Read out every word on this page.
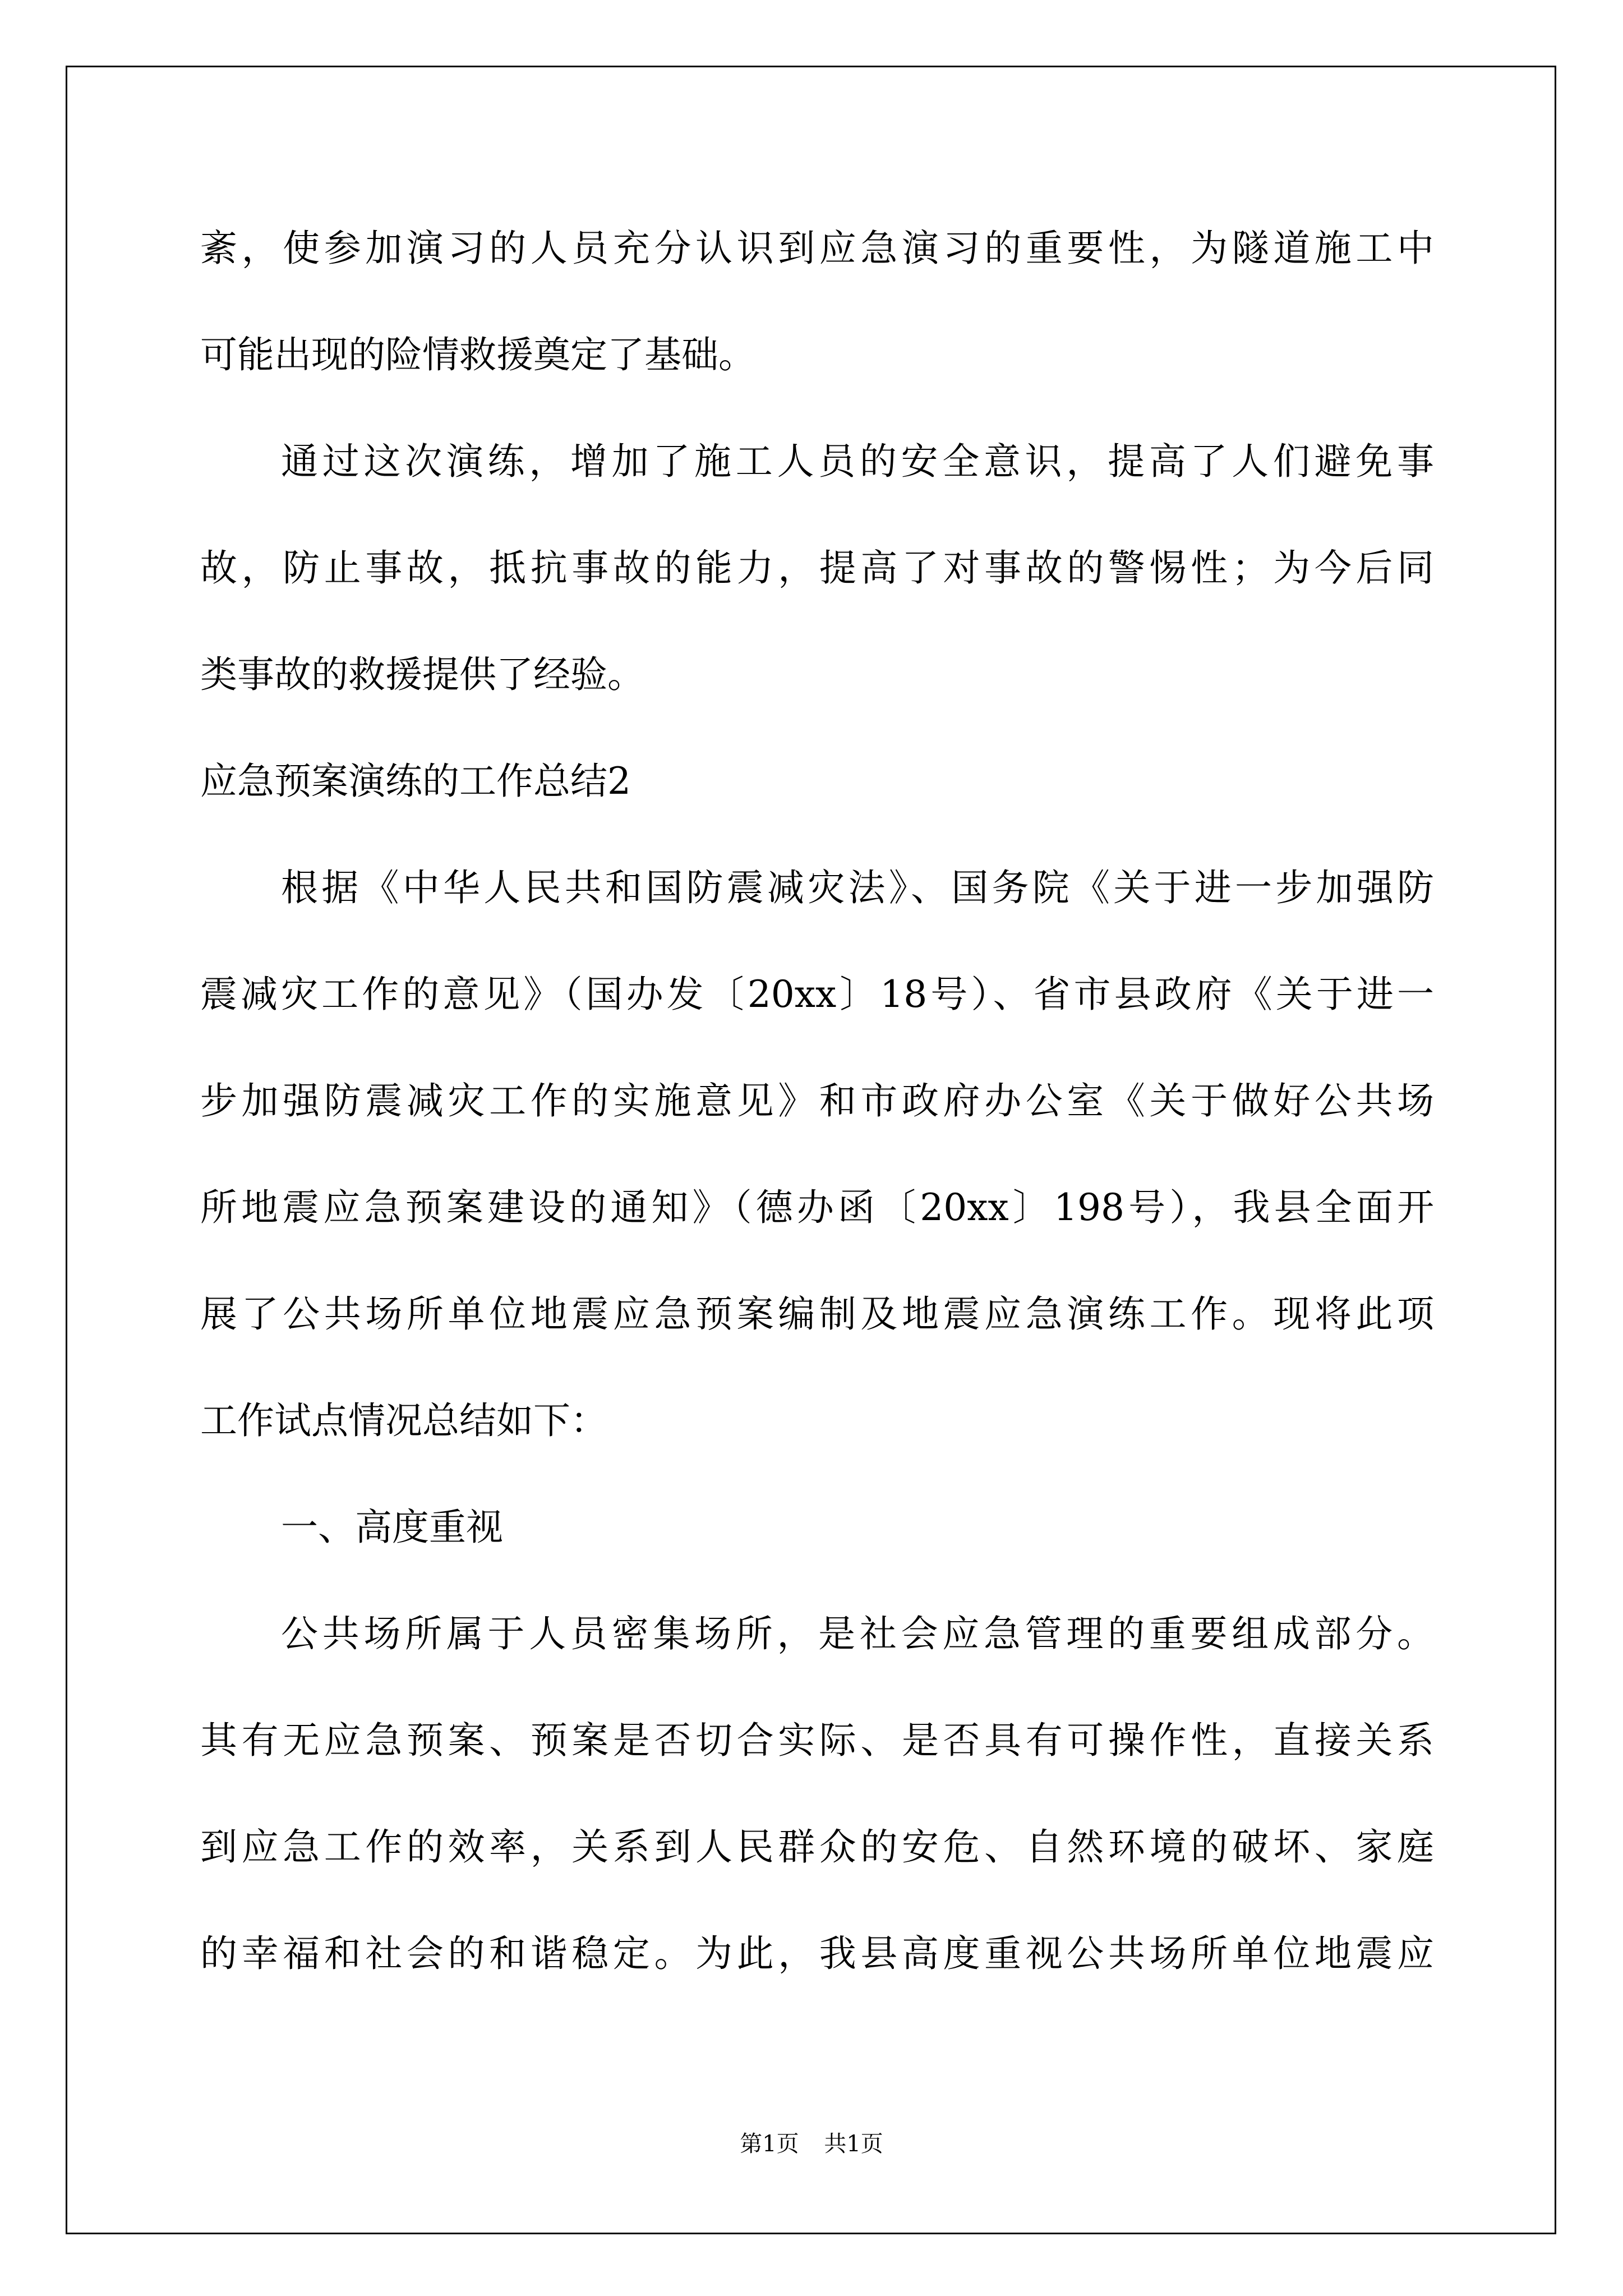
紊，使参加演习的人员充分认识到应急演习的重要性，为隧道施工中
可能出现的险情救援奠定了基础。
通过这次演练，增加了施工人员的安全意识，提高了人们避免事
故，防止事故，抵抗事故的能力，提高了对事故的警惕性；为今后同
类事故的救援提供了经验。
应急预案演练的工作总结2
根据《中华人民共和国防震减灾法》、国务院《关于进一步加强防
震减灾工作的意见》（国办发〔20xx〕18号）、省市县政府《关于进一
步加强防震减灾工作的实施意见》和市政府办公室《关于做好公共场
所地震应急预案建设的通知》（德办函〔20xx〕198号），我县全面开
展了公共场所单位地震应急预案编制及地震应急演练工作。现将此项
工作试点情况总结如下：
一、高度重视
公共场所属于人员密集场所，是社会应急管理的重要组成部分。
其有无应急预案、预案是否切合实际、是否具有可操作性，直接关系
到应急工作的效率，关系到人民群众的安危、自然环境的破坏、家庭
的幸福和社会的和谐稳定。为此，我县高度重视公共场所单位地震应
第1页 共1页
